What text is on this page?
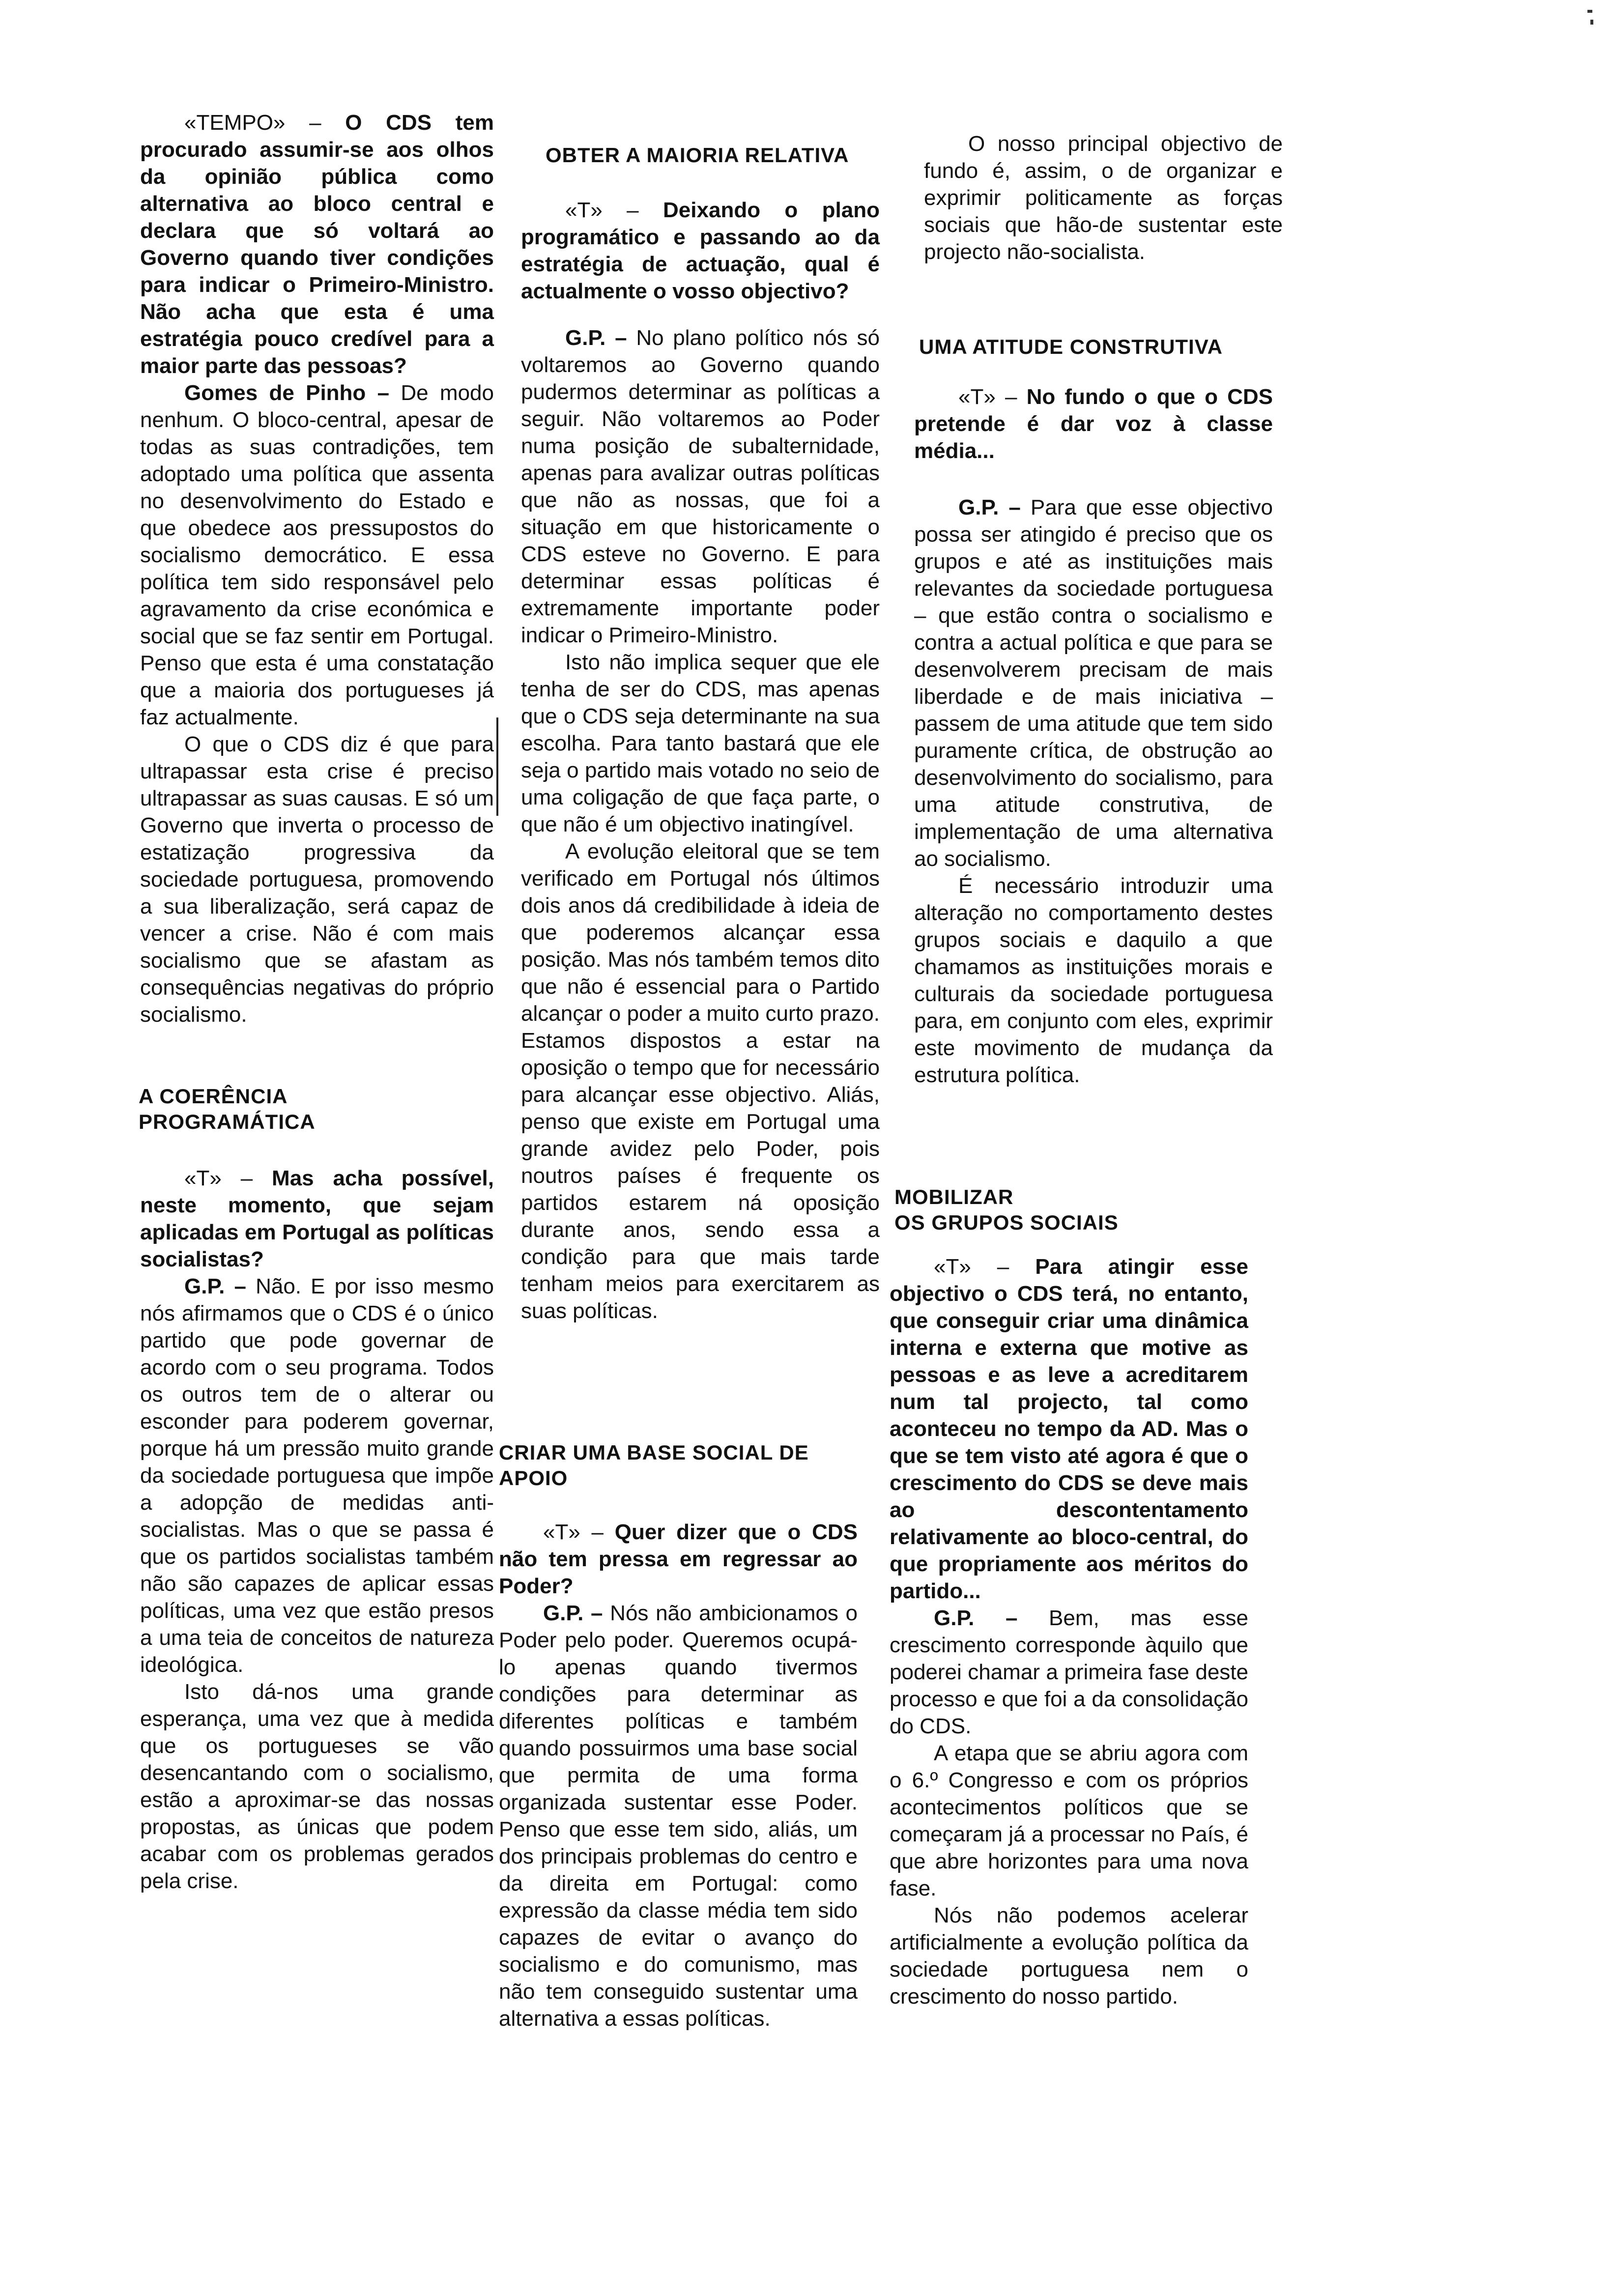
«TEMPO» – O CDS tem procurado assumir-se aos olhos da opinião pública como alternativa ao bloco central e declara que só voltará ao Governo quando tiver condições para indicar o Primeiro-Ministro. Não acha que esta é uma estratégia pouco credível para a maior parte das pessoas?

Gomes de Pinho – De modo nenhum. O bloco-central, apesar de todas as suas contradições, tem adoptado uma política que assenta no desenvolvimento do Estado e que obedece aos pressupostos do socialismo democrático. E essa política tem sido responsável pelo agravamento da crise económica e social que se faz sentir em Portugal. Penso que esta é uma constatação que a maioria dos portugueses já faz actualmente.

O que o CDS diz é que para ultrapassar esta crise é preciso ultrapassar as suas causas. E só um Governo que inverta o processo de estatização progressiva da sociedade portuguesa, promovendo a sua liberalização, será capaz de vencer a crise. Não é com mais socialismo que se afastam as consequências negativas do próprio socialismo.

A COERÊNCIA
PROGRAMÁTICA

«T» – Mas acha possível, neste momento, que sejam aplicadas em Portugal as políticas socialistas?

G.P. – Não. E por isso mesmo nós afirmamos que o CDS é o único partido que pode governar de acordo com o seu programa. Todos os outros tem de o alterar ou esconder para poderem governar, porque há um pressão muito grande da sociedade portuguesa que impõe a adopção de medidas anti-socialistas. Mas o que se passa é que os partidos socialistas também não são capazes de aplicar essas políticas, uma vez que estão presos a uma teia de conceitos de natureza ideológica.

Isto dá-nos uma grande esperança, uma vez que à medida que os portugueses se vão desencantando com o socialismo, estão a aproximar-se das nossas propostas, as únicas que podem acabar com os problemas gerados pela crise.

OBTER A MAIORIA RELATIVA

«T» – Deixando o plano programático e passando ao da estratégia de actuação, qual é actualmente o vosso objectivo?

G.P. – No plano político nós só voltaremos ao Governo quando pudermos determinar as políticas a seguir. Não voltaremos ao Poder numa posição de subalternidade, apenas para avalizar outras políticas que não as nossas, que foi a situação em que historicamente o CDS esteve no Governo. E para determinar essas políticas é extremamente importante poder indicar o Primeiro-Ministro.

Isto não implica sequer que ele tenha de ser do CDS, mas apenas que o CDS seja determinante na sua escolha. Para tanto bastará que ele seja o partido mais votado no seio de uma coligação de que faça parte, o que não é um objectivo inatingível.

A evolução eleitoral que se tem verificado em Portugal nós últimos dois anos dá credibilidade à ideia de que poderemos alcançar essa posição. Mas nós também temos dito que não é essencial para o Partido alcançar o poder a muito curto prazo. Estamos dispostos a estar na oposição o tempo que for necessário para alcançar esse objectivo. Aliás, penso que existe em Portugal uma grande avidez pelo Poder, pois noutros países é frequente os partidos estarem ná oposição durante anos, sendo essa a condição para que mais tarde tenham meios para exercitarem as suas políticas.

CRIAR UMA BASE SOCIAL DE
APOIO

«T» – Quer dizer que o CDS não tem pressa em regressar ao Poder?

G.P. – Nós não ambicionamos o Poder pelo poder. Queremos ocupá-lo apenas quando tivermos condições para determinar as diferentes políticas e também quando possuirmos uma base social que permita de uma forma organizada sustentar esse Poder. Penso que esse tem sido, aliás, um dos principais problemas do centro e da direita em Portugal: como expressão da classe média tem sido capazes de evitar o avanço do socialismo e do comunismo, mas não tem conseguido sustentar uma alternativa a essas políticas.

O nosso principal objectivo de fundo é, assim, o de organizar e exprimir politicamente as forças sociais que hão-de sustentar este projecto não-socialista.

UMA ATITUDE CONSTRUTIVA

«T» – No fundo o que o CDS pretende é dar voz à classe média...

G.P. – Para que esse objectivo possa ser atingido é preciso que os grupos e até as instituições mais relevantes da sociedade portuguesa – que estão contra o socialismo e contra a actual política e que para se desenvolverem precisam de mais liberdade e de mais iniciativa – passem de uma atitude que tem sido puramente crítica, de obstrução ao desenvolvimento do socialismo, para uma atitude construtiva, de implementação de uma alternativa ao socialismo.

É necessário introduzir uma alteração no comportamento destes grupos sociais e daquilo a que chamamos as instituições morais e culturais da sociedade portuguesa para, em conjunto com eles, exprimir este movimento de mudança da estrutura política.

MOBILIZAR
OS GRUPOS SOCIAIS

«T» – Para atingir esse objectivo o CDS terá, no entanto, que conseguir criar uma dinâmica interna e externa que motive as pessoas e as leve a acreditarem num tal projecto, tal como aconteceu no tempo da AD. Mas o que se tem visto até agora é que o crescimento do CDS se deve mais ao descontentamento relativamente ao bloco-central, do que propriamente aos méritos do partido...

G.P. – Bem, mas esse crescimento corresponde àquilo que poderei chamar a primeira fase deste processo e que foi a da consolidação do CDS.

A etapa que se abriu agora com o 6.º Congresso e com os próprios acontecimentos políticos que se começaram já a processar no País, é que abre horizontes para uma nova fase.

Nós não podemos acelerar artificialmente a evolução política da sociedade portuguesa nem o crescimento do nosso partido.
